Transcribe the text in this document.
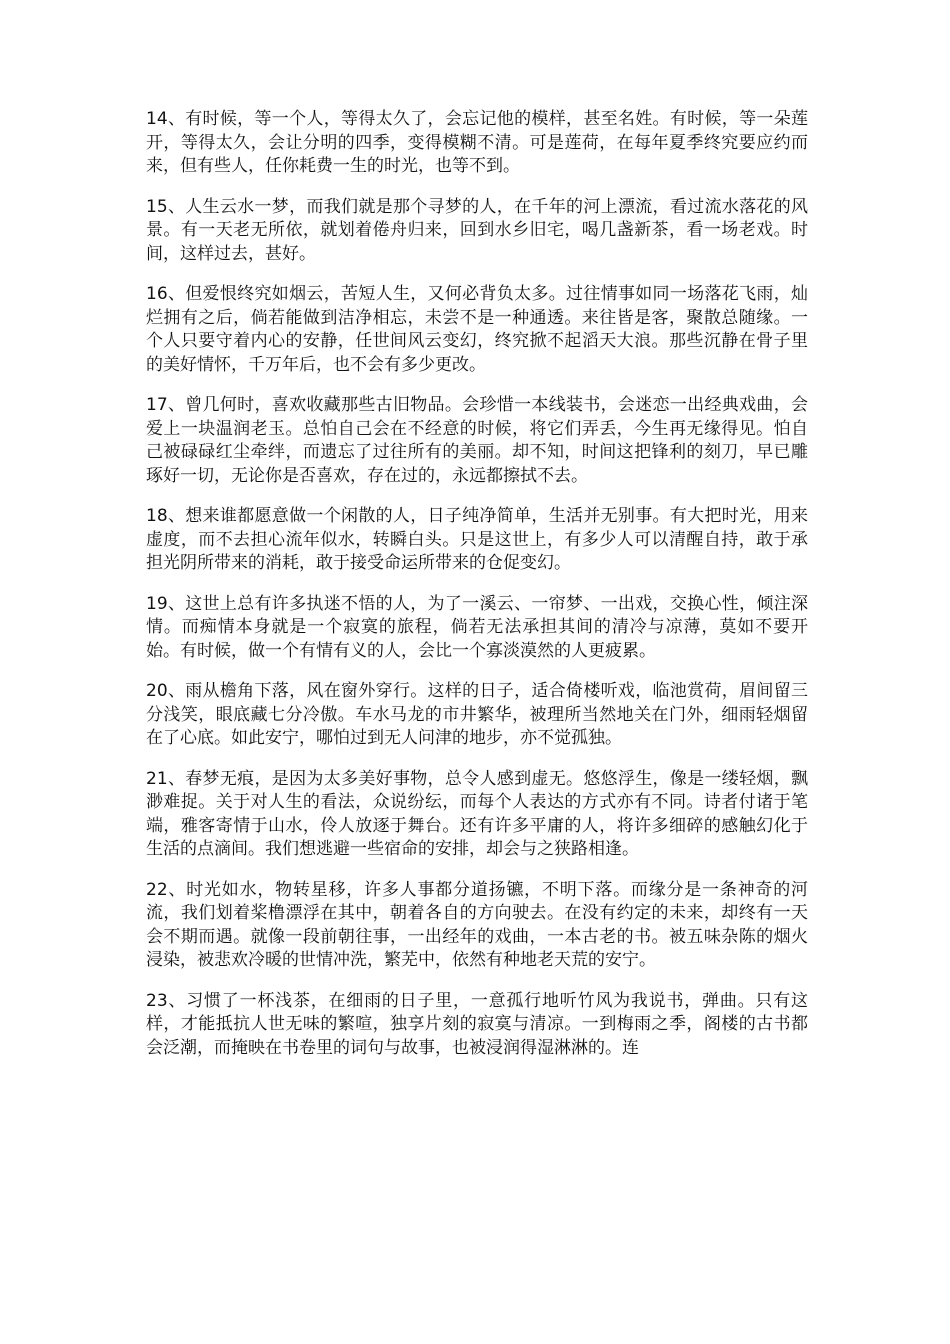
14、有时候，等一个人，等得太久了，会忘记他的模样，甚至名姓。有时候，等一朵莲开，等得太久，会让分明的四季，变得模糊不清。可是莲荷，在每年夏季终究要应约而来，但有些人，任你耗费一生的时光，也等不到。

15、人生云水一梦，而我们就是那个寻梦的人，在千年的河上漂流，看过流水落花的风景。有一天老无所依，就划着倦舟归来，回到水乡旧宅，喝几盏新茶，看一场老戏。时间，这样过去，甚好。

16、但爱恨终究如烟云，苦短人生，又何必背负太多。过往情事如同一场落花飞雨，灿烂拥有之后，倘若能做到洁净相忘，未尝不是一种通透。来往皆是客，聚散总随缘。一个人只要守着内心的安静，任世间风云变幻，终究掀不起滔天大浪。那些沉静在骨子里的美好情怀，千万年后，也不会有多少更改。

17、曾几何时，喜欢收藏那些古旧物品。会珍惜一本线装书，会迷恋一出经典戏曲，会爱上一块温润老玉。总怕自己会在不经意的时候，将它们弄丢，今生再无缘得见。怕自己被碌碌红尘牵绊，而遗忘了过往所有的美丽。却不知，时间这把锋利的刻刀，早已雕琢好一切，无论你是否喜欢，存在过的，永远都擦拭不去。

18、想来谁都愿意做一个闲散的人，日子纯净简单，生活并无别事。有大把时光，用来虚度，而不去担心流年似水，转瞬白头。只是这世上，有多少人可以清醒自持，敢于承担光阴所带来的消耗，敢于接受命运所带来的仓促变幻。

19、这世上总有许多执迷不悟的人，为了一溪云、一帘梦、一出戏，交换心性，倾注深情。而痴情本身就是一个寂寞的旅程，倘若无法承担其间的清冷与凉薄，莫如不要开始。有时候，做一个有情有义的人，会比一个寡淡漠然的人更疲累。

20、雨从檐角下落，风在窗外穿行。这样的日子，适合倚楼听戏，临池赏荷，眉间留三分浅笑，眼底藏七分冷傲。车水马龙的市井繁华，被理所当然地关在门外，细雨轻烟留在了心底。如此安宁，哪怕过到无人问津的地步，亦不觉孤独。

21、春梦无痕，是因为太多美好事物，总令人感到虚无。悠悠浮生，像是一缕轻烟，飘渺难捉。关于对人生的看法，众说纷纭，而每个人表达的方式亦有不同。诗者付诸于笔端，雅客寄情于山水，伶人放逐于舞台。还有许多平庸的人，将许多细碎的感触幻化于生活的点滴间。我们想逃避一些宿命的安排，却会与之狭路相逢。

22、时光如水，物转星移，许多人事都分道扬镳，不明下落。而缘分是一条神奇的河流，我们划着桨橹漂浮在其中，朝着各自的方向驶去。在没有约定的未来，却终有一天会不期而遇。就像一段前朝往事，一出经年的戏曲，一本古老的书。被五味杂陈的烟火浸染，被悲欢冷暖的世情冲洗，繁芜中，依然有种地老天荒的安宁。

23、习惯了一杯浅茶，在细雨的日子里，一意孤行地听竹风为我说书，弹曲。只有这样，才能抵抗人世无味的繁喧，独享片刻的寂寞与清凉。一到梅雨之季，阁楼的古书都会泛潮，而掩映在书卷里的词句与故事，也被浸润得湿淋淋的。连
